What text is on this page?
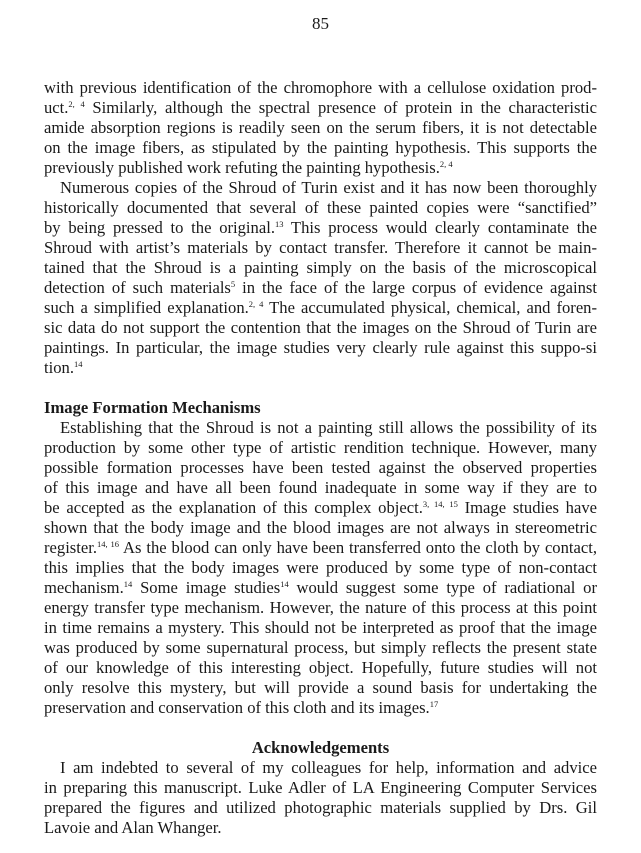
85
with previous identification of the chromophore with a cellulose oxidation prod-
uct.$^{2, 4}$ Similarly, although the spectral presence of protein in the characteristic
amide absorption regions is readily seen on the serum fibers, it is not detectable
on the image fibers, as stipulated by the painting hypothesis. This supports the
previously published work refuting the painting hypothesis.$^{2, 4}$
Numerous copies of the Shroud of Turin exist and it has now been thoroughly
historically documented that several of these painted copies were “sanctified”
by being pressed to the original.$^{13}$ This process would clearly contaminate the
Shroud with artist’s materials by contact transfer. Therefore it cannot be main-
tained that the Shroud is a painting simply on the basis of the microscopical
detection of such materials$^5$ in the face of the large corpus of evidence against
such a simplified explanation.$^{2, 4}$ The accumulated physical, chemical, and foren-
sic data do not support the contention that the images on the Shroud of Turin are
paintings. In particular, the image studies very clearly rule against this suppo-si
tion.$^{14}$
Image Formation Mechanisms
Establishing that the Shroud is not a painting still allows the possibility of its
production by some other type of artistic rendition technique. However, many
possible formation processes have been tested against the observed properties
of this image and have all been found inadequate in some way if they are to
be accepted as the explanation of this complex object.$^{3, 14, 15}$ Image studies have
shown that the body image and the blood images are not always in stereometric
register.$^{14, 16}$ As the blood can only have been transferred onto the cloth by contact,
this implies that the body images were produced by some type of non-contact
mechanism.$^{14}$ Some image studies$^{14}$ would suggest some type of radiational or
energy transfer type mechanism. However, the nature of this process at this point
in time remains a mystery. This should not be interpreted as proof that the image
was produced by some supernatural process, but simply reflects the present state
of our knowledge of this interesting object. Hopefully, future studies will not
only resolve this mystery, but will provide a sound basis for undertaking the
preservation and conservation of this cloth and its images.$^{17}$
Acknowledgements
I am indebted to several of my colleagues for help, information and advice
in preparing this manuscript. Luke Adler of LA Engineering Computer Services
prepared the figures and utilized photographic materials supplied by Drs. Gil
Lavoie and Alan Whanger.
